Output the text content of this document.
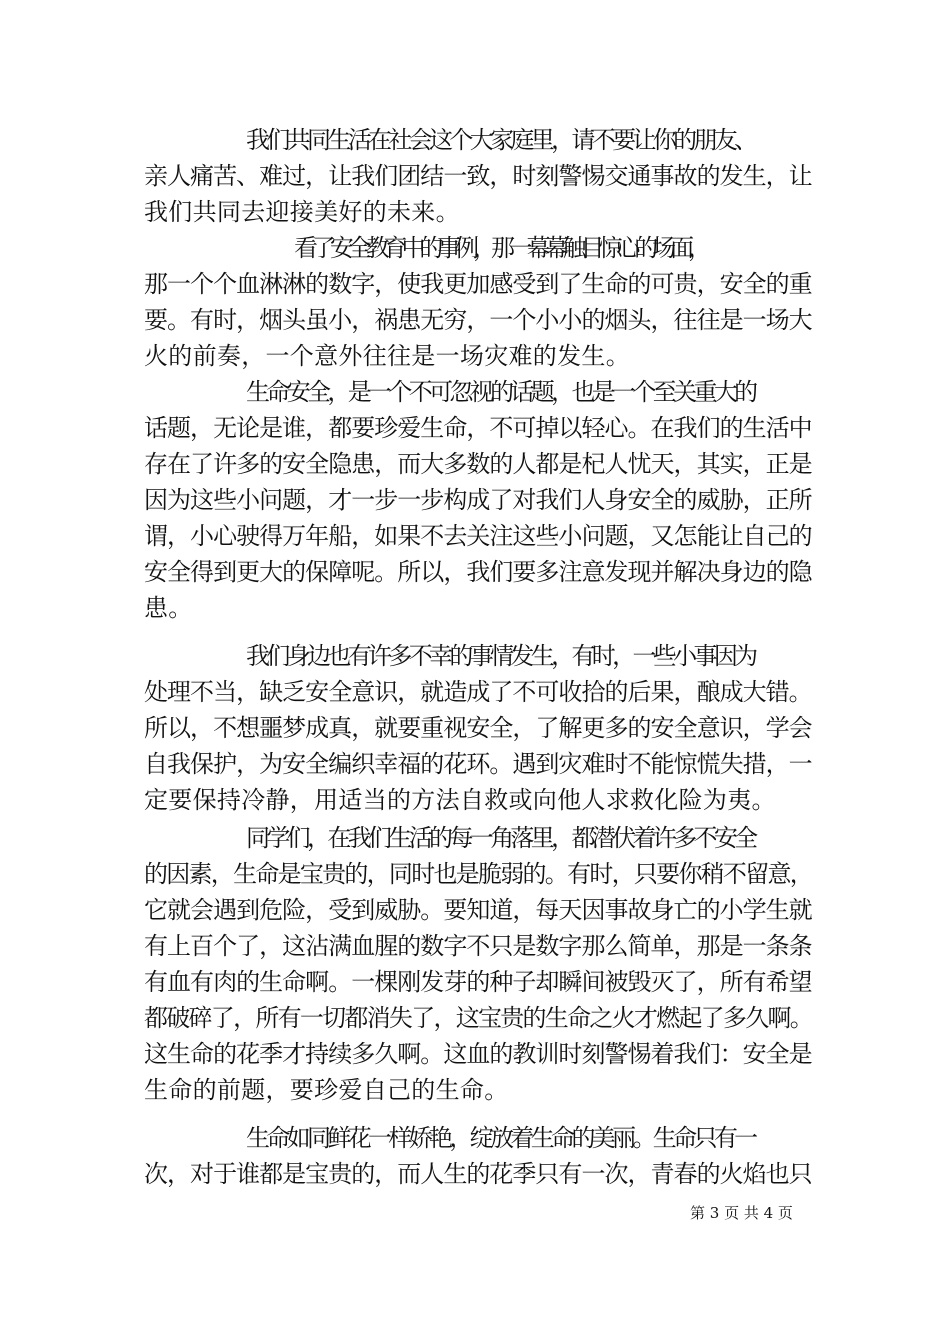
我们共同生活在社会这个大家庭里，请不要让你的朋友、
亲人痛苦、难过，让我们团结一致，时刻警惕交通事故的发生，让
我们共同去迎接美好的未来。
看了安全教育中的事例，那一幕幕触目惊心的场面，
那一个个血淋淋的数字，使我更加感受到了生命的可贵，安全的重
要。有时，烟头虽小，祸患无穷，一个小小的烟头，往往是一场大
火的前奏，一个意外往往是一场灾难的发生。
生命安全，是一个不可忽视的话题，也是一个至关重大的
话题，无论是谁，都要珍爱生命，不可掉以轻心。在我们的生活中
存在了许多的安全隐患，而大多数的人都是杞人忧天，其实，正是
因为这些小问题，才一步一步构成了对我们人身安全的威胁，正所
谓，小心驶得万年船，如果不去关注这些小问题，又怎能让自己的
安全得到更大的保障呢。所以，我们要多注意发现并解决身边的隐
患。
我们身边也有许多不幸的事情发生，有时，一些小事因为
处理不当，缺乏安全意识，就造成了不可收拾的后果，酿成大错。
所以，不想噩梦成真，就要重视安全，了解更多的安全意识，学会
自我保护，为安全编织幸福的花环。遇到灾难时不能惊慌失措，一
定要保持冷静，用适当的方法自救或向他人求救化险为夷。
同学们，在我们生活的每一角落里，都潜伏着许多不安全
的因素，生命是宝贵的，同时也是脆弱的。有时，只要你稍不留意，
它就会遇到危险，受到威胁。要知道，每天因事故身亡的小学生就
有上百个了，这沾满血腥的数字不只是数字那么简单，那是一条条
有血有肉的生命啊。一棵刚发芽的种子却瞬间被毁灭了，所有希望
都破碎了，所有一切都消失了，这宝贵的生命之火才燃起了多久啊。
这生命的花季才持续多久啊。这血的教训时刻警惕着我们：安全是
生命的前题，要珍爱自己的生命。
生命如同鲜花一样娇艳，绽放着生命的美丽。生命只有一
次，对于谁都是宝贵的，而人生的花季只有一次，青春的火焰也只
第 3 页 共 4 页
